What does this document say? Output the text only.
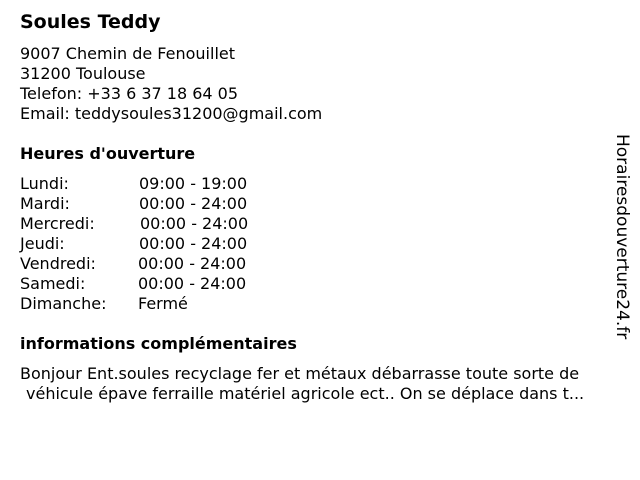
Soules Teddy
9007 Chemin de Fenouillet
31200 Toulouse
Telefon: +33 6 37 18 64 05
Email: teddysoules31200@gmail.com
Heures d'ouverture
Lundi:	09:00 - 19:00
Mardi:	00:00 - 24:00
Mercredi:	00:00 - 24:00
Jeudi:	00:00 - 24:00
Vendredi:	00:00 - 24:00
Samedi:	00:00 - 24:00
Dimanche: Fermé
informations complémentaires
Bonjour Ent.soules recyclage fer et métaux débarrasse toute sorte de
véhicule épave ferraille matériel agricole ect.. On se déplace dans t...
Horairesdouverture24.fr
